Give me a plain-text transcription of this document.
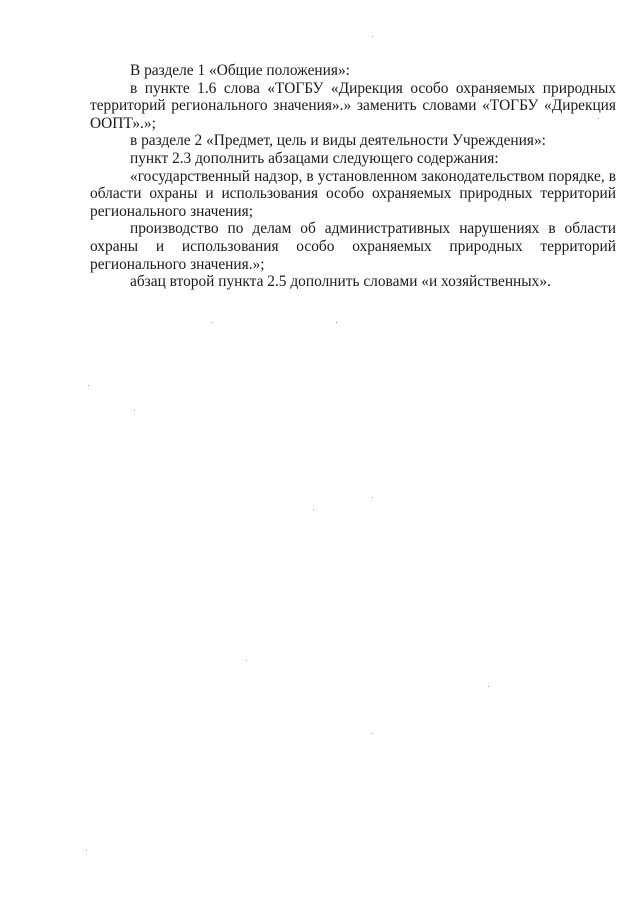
В разделе 1 «Общие положения»:

в пункте 1.6 слова «ТОГБУ «Дирекция особо охраняемых природных территорий регионального значения».» заменить словами «ТОГБУ «Дирекция ООПТ».»;

в разделе 2 «Предмет, цель и виды деятельности Учреждения»:

пункт 2.3 дополнить абзацами следующего содержания:

«государственный надзор, в установленном законодательством порядке, в области охраны и использования особо охраняемых природных территорий регионального значения;

производство по делам об административных нарушениях в области охраны и использования особо охраняемых природных территорий регионального значения.»;

абзац второй пункта 2.5 дополнить словами «и хозяйственных».
